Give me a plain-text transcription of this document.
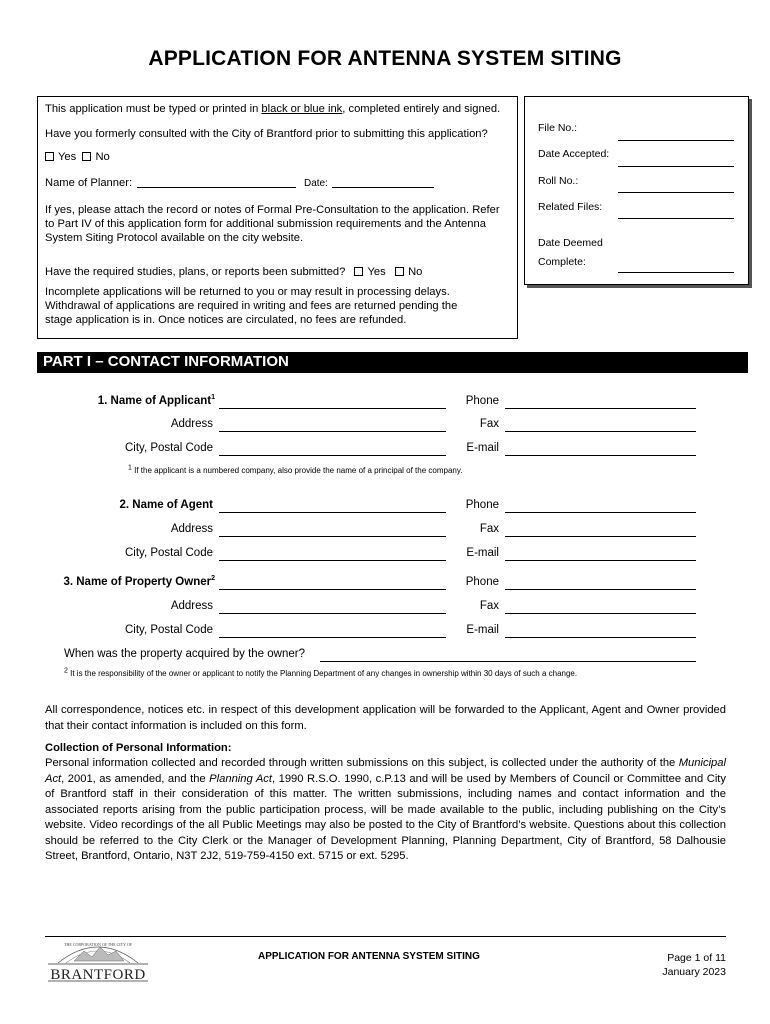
APPLICATION FOR ANTENNA SYSTEM SITING
This application must be typed or printed in black or blue ink, completed entirely and signed.
Have you formerly consulted with the City of Brantford prior to submitting this application?
Yes No
Name of Planner:	Date:
If yes, please attach the record or notes of Formal Pre-Consultation to the application. Refer to Part IV of this application form for additional submission requirements and the Antenna System Siting Protocol available on the city website.
Have the required studies, plans, or reports been submitted? Yes No
Incomplete applications will be returned to you or may result in processing delays. Withdrawal of applications are required in writing and fees are returned pending the stage application is in. Once notices are circulated, no fees are refunded.
File No.:
Date Accepted:
Roll No.:
Related Files:
Date Deemed
Complete:
PART I – CONTACT INFORMATION
1. Name of Applicant$^1$	Phone
Address	Fax
City, Postal Code	E-mail
1 If the applicant is a numbered company, also provide the name of a principal of the company.
2. Name of Agent	Phone
Address	Fax
City, Postal Code	E-mail
3. Name of Property Owner$^2$	Phone
Address	Fax
City, Postal Code	E-mail
When was the property acquired by the owner?
2 It is the responsibility of the owner or applicant to notify the Planning Department of any changes in ownership within 30 days of such a change.
All correspondence, notices etc. in respect of this development application will be forwarded to the Applicant, Agent and Owner provided that their contact information is included on this form.
Collection of Personal Information:
Personal information collected and recorded through written submissions on this subject, is collected under the authority of the Municipal Act, 2001, as amended, and the Planning Act, 1990 R.S.O. 1990, c.P.13 and will be used by Members of Council or Committee and City of Brantford staff in their consideration of this matter. The written submissions, including names and contact information and the associated reports arising from the public participation process, will be made available to the public, including publishing on the City’s website. Video recordings of the all Public Meetings may also be posted to the City of Brantford’s website. Questions about this collection should be referred to the City Clerk or the Manager of Development Planning, Planning Department, City of Brantford, 58 Dalhousie Street, Brantford, Ontario, N3T 2J2, 519-759-4150 ext. 5715 or ext. 5295.
THE CORPORATION OF THE CITY OF
BRANTFORD
APPLICATION FOR ANTENNA SYSTEM SITING	Page 1 of 11
January 2023
